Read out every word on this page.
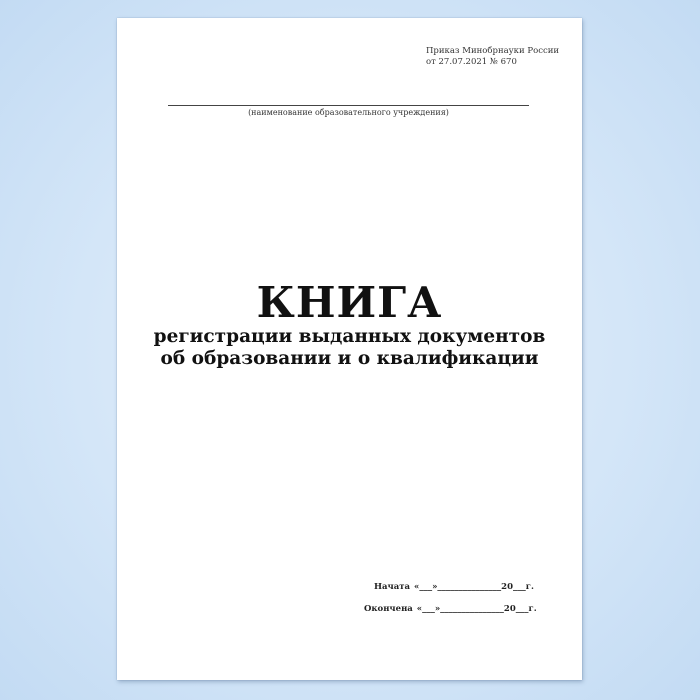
Приказ Минобрнауки России
от 27.07.2021 № 670
(наименование образовательного учреждения)
КНИГА
регистрации выданных документов
об образовании и о квалификации
Начата «___»_______________20___г.
Окончена «___»_______________20___г.
